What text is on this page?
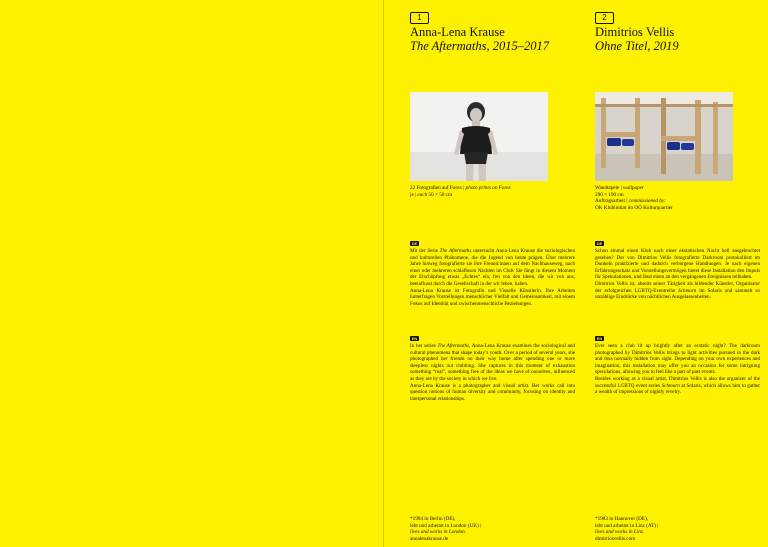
1
Anna-Lena Krause
The Aftermaths, 2015–2017
22 Fotografien auf Forex | photo prints on Forex
je | each 50 × 50 cm
DE

Mit der Serie The Aftermaths untersucht Anna-Lena Krause die soziologischen und kulturellen Phänomene, die die Jugend von heute prägen. Über mehrere Jahre hinweg fotografierte sie ihre Freund:innen auf dem Nachhauseweg, nach einer oder mehreren schlaflosen Nächten im Club. Sie fängt in diesem Moment der Erschöpfung etwas „Echtes“ ein, frei von den Ideen, die wir von uns, beeinflusst durch die Gesellschaft in der wir leben, haben.

Anna-Lena Krause ist Fotografin und Visuelle Künstlerin. Ihre Arbeiten hinterfragen Vorstellungen menschlicher Vielfalt und Gemeinsamkeit, mit einem Fokus auf Identität und zwischenmenschliche Beziehungen.

EN

In her series The Aftermaths, Anna-Lena Krause examines the sociological and cultural phenomena that shape today’s youth. Over a period of several years, she photographed her friends on their way home after spending one or more sleepless nights out clubbing. She captures in this moment of exhaustion something “real”, something free of the ideas we have of ourselves, influenced as they are by the society in which we live.

Anna-Lena Krause is a photographer and visual artist. Her works call into question notions of human diversity and community, focusing on identity and interpersonal relationships.

*1994 in Berlin (DE),
lebt und arbeitet in London (UK) |
lives and works in London.
annalenakrause.de
2
Dimitrios Vellis
Ohne Titel, 2019
Wandtapete | wallpaper
290 × 190 cm
Auftragsarbeit | commissioned by:
OK Klubinitiat im OÖ Kulturquartier
DE

Schon einmal einen Klub nach einer ekstatischen Nacht hell ausgeleuchtet gesehen? Der von Dimitrios Vellis fotografierte Darkroom protokolliert im Dunkeln praktizierte und dadurch verborgene Handlungen. Je nach eigenen Erfahrungsschatz und Vorstellungsvermögen bietet diese Installation den Impuls für Spekulationen, und lässt einen an den vergangenen Ereignissen teilhaben.

Dimitrios Vellis ist, abseits seiner Tätigkeit als bildender Künstler, Organisator der erfolgreichen LGBTQ-Eventreihe Schmarn im Solaris und sammelt so unzählige Eindrücke von nächtlichen Ausgelassenheiten.

EN

Ever seen a club lit up brightly after an ecstatic night? The darkroom photographed by Dimitrios Vellis brings to light activities pursued in the dark and thus normally hidden from sight. Depending on your own experiences and imagination, this installation may offer you an occasion for some intriguing speculations, allowing you to feel like a part of past events.

Besides working as a visual artist, Dimitrios Vellis is also the organizer of the successful LGBTQ event series Schmarn at Solaris, which allows him to gather a wealth of impressions of nightly revelry.

*1983 in Hannover (DE),
lebt und arbeitet in Linz (AT) |
lives and works in Linz.
dimitriosvellis.com
